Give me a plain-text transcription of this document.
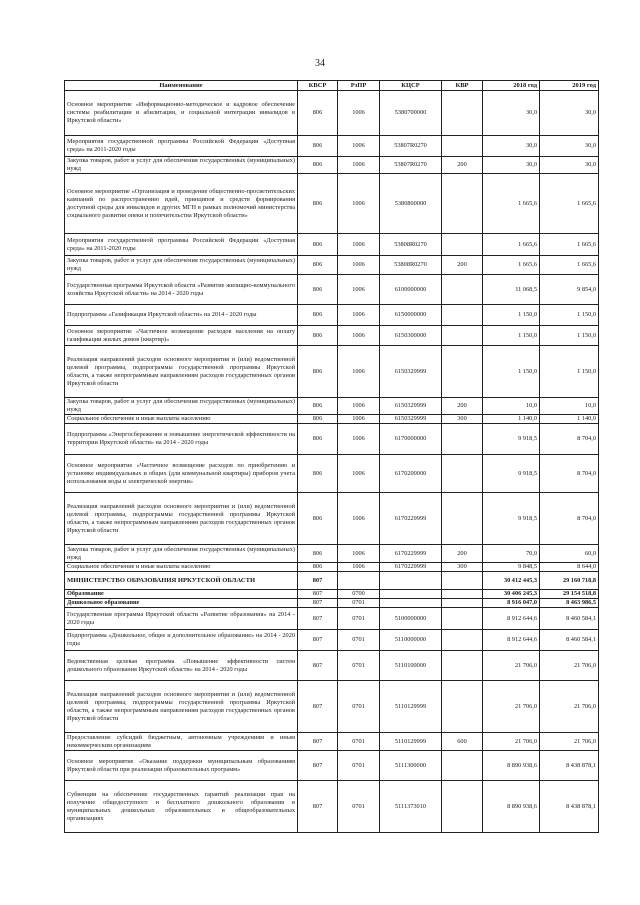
34
Наименование	КВСР	РзПР	КЦСР	КВР	2018 год	2019 год
Основное мероприятие «Информационно-методическое и кадровое обеспечение системы реабилитации и абилитации, и социальной интеграции инвалидов в Иркутской области»	806	1006	5380700000		30,0	30,0
Мероприятия государственной программы Российской Федерации «Доступная среда» на 2011-2020 годы	806	1006	53807R0270		30,0	30,0
Закупка товаров, работ и услуг для обеспечения государственных (муниципальных) нужд	806	1006	53807R0270	200	30,0	30,0
Основное мероприятие «Организация и проведение общественно-просветительских кампаний по распространению идей, принципов и средств формирования доступной среды для инвалидов и других МГН в рамках полномочий министерства социального развития опеки и попечительства Иркутской области»	806	1006	5380800000		1 665,6	1 665,6
Мероприятия государственной программы Российской Федерации «Доступная среда» на 2011-2020 годы	806	1006	53808R0270		1 665,6	1 665,6
Закупка товаров, работ и услуг для обеспечения государственных (муниципальных) нужд	806	1006	53808R0270	200	1 665,6	1 665,6
Государственная программа Иркутской области «Развитие жилищно-коммунального хозяйства Иркутской области» на 2014 - 2020 годы	806	1006	6100000000		11 068,5	9 854,0
Подпрограмма «Газификация Иркутской области» на 2014 - 2020 годы	806	1006	6150000000		1 150,0	1 150,0
Основное мероприятие «Частичное возмещение расходов населения на оплату газификации жилых домов (квартир)»	806	1006	6150300000		1 150,0	1 150,0
Реализация направлений расходов основного мероприятия и (или) ведомственной целевой программы, подпрограммы государственной программы Иркутской области, а также непрограммным направлениям расходов государственных органов Иркутской области	806	1006	6150329999		1 150,0	1 150,0
Закупка товаров, работ и услуг для обеспечения государственных (муниципальных) нужд	806	1006	6150329999	200	10,0	10,0
Социальное обеспечение и иные выплаты населению	806	1006	6150329999	300	1 140,0	1 140,0
Подпрограмма «Энергосбережение и повышение энергетической эффективности на территории Иркутской области» на 2014 - 2020 годы	806	1006	6170000000		9 918,5	8 704,0
Основное мероприятие «Частичное возмещение расходов по приобретению и установке индивидуальных и общих (для коммунальной квартиры) приборов учета использования воды и электрической энергии»	806	1006	6170200000		9 918,5	8 704,0
Реализация направлений расходов основного мероприятия и (или) ведомственной целевой программы, подпрограммы государственной программы Иркутской области, а также непрограммным направлениям расходов государственных органов Иркутской области	806	1006	6170229999		9 918,5	8 704,0
Закупка товаров, работ и услуг для обеспечения государственных (муниципальных) нужд	806	1006	6170229999	200	70,0	60,0
Социальное обеспечение и иные выплаты населению	806	1006	6170229999	300	9 848,5	8 644,0
МИНИСТЕРСТВО ОБРАЗОВАНИЯ ИРКУТСКОЙ ОБЛАСТИ	807				30 412 445,3	29 160 718,8
Образование	807	0700			30 406 245,3	29 154 518,8
Дошкольное образование	807	0701			8 916 047,0	8 463 986,5
Государственная программа Иркутской области «Развитие образования» на 2014 - 2020 годы	807	0701	5100000000		8 912 644,6	8 460 584,1
Подпрограмма «Дошкольное, общее и дополнительное образование» на 2014 - 2020 годы	807	0701	5110000000		8 912 644,6	8 460 584,1
Ведомственная целевая программа «Повышение эффективности систем дошкольного образования Иркутской области» на 2014 - 2020 годы	807	0701	5110100000		21 706,0	21 706,0
Реализация направлений расходов основного мероприятия и (или) ведомственной целевой программы, подпрограммы государственной программы Иркутской области, а также непрограммным направлениям расходов государственных органов Иркутской области	807	0701	5110129999		21 706,0	21 706,0
Предоставление субсидий бюджетным, автономным учреждениям и иным некоммерческим организациям	807	0701	5110129999	600	21 706,0	21 706,0
Основное мероприятие «Оказание поддержки муниципальным образованиям Иркутской области при реализации образовательных программ»	807	0701	5111300000		8 890 938,6	8 438 878,1
Субвенции на обеспечение государственных гарантий реализации прав на получение общедоступного и бесплатного дошкольного образования в муниципальных дошкольных образовательных и общеобразовательных организациях	807	0701	5111373010		8 890 938,6	8 438 878,1
